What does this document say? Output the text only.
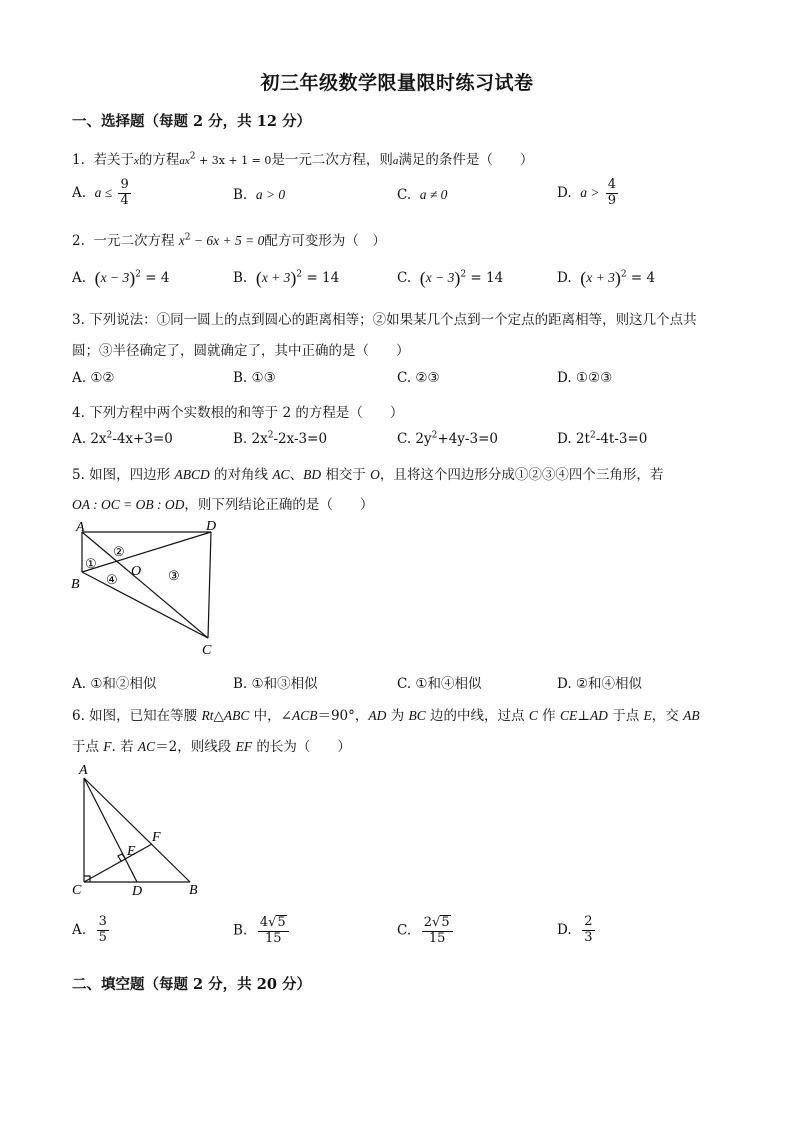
初三年级数学限量限时练习试卷
一、选择题（每题 2 分，共 12 分）
1. 若关于x的方程$ax^2 + 3x + 1 = 0$是一元二次方程，则a满足的条件是（　　）
A. $a \le \frac{9}{4}$	B. a > 0	C. a ≠ 0	D. $a > \frac{4}{9}$
2. 一元二次方程 $x^2 - 6x + 5 = 0$配方可变形为（　）
A. $(x - 3)^2 = 4$	B. $(x + 3)^2 = 14$	C. $(x - 3)^2 = 14$	D. $(x + 3)^2 = 4$
3. 下列说法：①同一圆上的点到圆心的距离相等；②如果某几个点到一个定点的距离相等，则这几个点共
圆；③半径确定了，圆就确定了，其中正确的是（　　）
A. ①②	B. ①③	C. ②③	D. ①②③
4. 下列方程中两个实数根的和等于 2 的方程是（　　）
A. $2x^2-4x+3=0$	B. $2x^2-2x-3=0$	C. $2y^2+4y-3=0$	D. $2t^2-4t-3=0$
5. 如图，四边形 ABCD 的对角线 AC、BD 相交于 O，且将这个四边形分成①②③④四个三角形，若
OA : OC = OB : OD，则下列结论正确的是（　　）
A	D
B
C
O
①
②
③
④
A. ①和②相似	B. ①和③相似	C. ①和④相似	D. ②和④相似
6. 如图，已知在等腰 Rt△ABC 中，∠ACB＝90°，AD 为 BC 边的中线，过点 C 作 CE⊥AD 于点 E，交 AB
于点 F. 若 AC＝2，则线段 EF 的长为（　　）
A
C	D	B
E
F
A. $\frac{3}{5}$	B. $\frac{4√5}{15}$	C. $\frac{2√5}{15}$	D. $\frac{2}{3}$
二、填空题（每题 2 分，共 20 分）
